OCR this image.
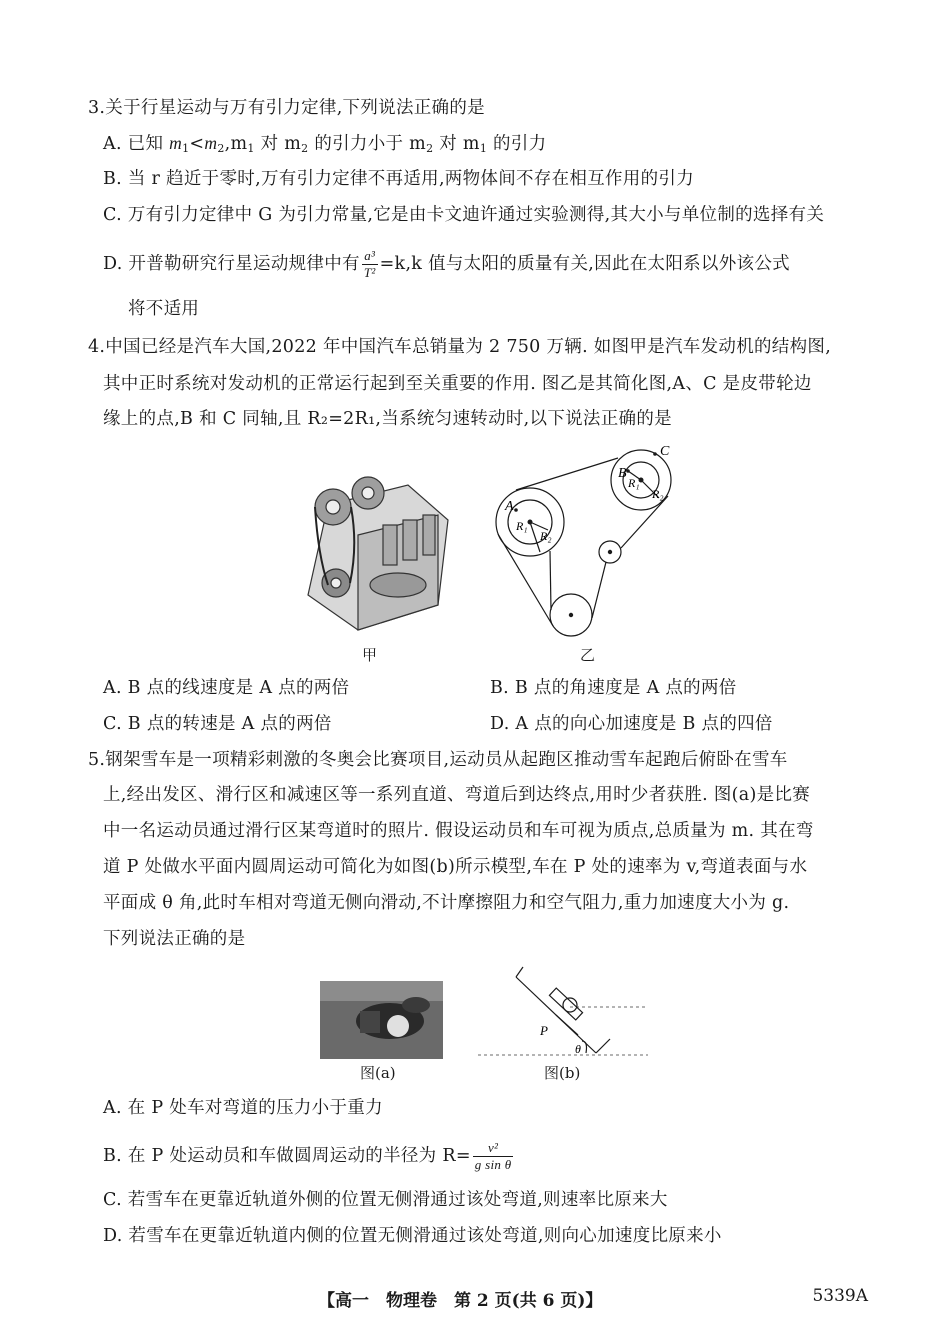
3.关于行星运动与万有引力定律,下列说法正确的是
A. 已知 $m_1<m_2,m_1$ 对 $m_2$ 的引力小于 $m_2$ 对 $m_1$ 的引力
B. 当 r 趋近于零时,万有引力定律不再适用,两物体间不存在相互作用的引力
C. 万有引力定律中 G 为引力常量,它是由卡文迪许通过实验测得,其大小与单位制的选择有关
D. 开普勒研究行星运动规律中有 $\frac{\text{a³}}{\text{T²}} =k,k$ 值与太阳的质量有关,因此在太阳系以外该公式
将不适用
4.中国已经是汽车大国,2022 年中国汽车总销量为 2 750 万辆. 如图甲是汽车发动机的结构图,
其中正时系统对发动机的正常运行起到至关重要的作用. 图乙是其简化图,A、C 是皮带轮边
缘上的点,B 和 C 同轴,且 R₂=2R₁,当系统匀速转动时,以下说法正确的是
甲
A
B
C
R₁
R₂
R₁
R₂
乙
A. B 点的线速度是 A 点的两倍	B. B 点的角速度是 A 点的两倍
C. B 点的转速是 A 点的两倍	D. A 点的向心加速度是 B 点的四倍
5.钢架雪车是一项精彩刺激的冬奥会比赛项目,运动员从起跑区推动雪车起跑后俯卧在雪车
上,经出发区、滑行区和减速区等一系列直道、弯道后到达终点,用时少者获胜. 图(a)是比赛
中一名运动员通过滑行区某弯道时的照片. 假设运动员和车可视为质点,总质量为 m. 其在弯
道 P 处做水平面内圆周运动可简化为如图(b)所示模型,车在 P 处的速率为 v,弯道表面与水
平面成 θ 角,此时车相对弯道无侧向滑动,不计摩擦阻力和空气阻力,重力加速度大小为 g.
下列说法正确的是
图(a)
P
θ
图(b)
A. 在 P 处车对弯道的压力小于重力
B. 在 P 处运动员和车做圆周运动的半径为 $R= \frac{\text{v²}}{\text{g sin θ}}$
C. 若雪车在更靠近轨道外侧的位置无侧滑通过该处弯道,则速率比原来大
D. 若雪车在更靠近轨道内侧的位置无侧滑通过该处弯道,则向心加速度比原来小
【高一　物理卷　第 2 页(共 6 页)】	5339A
